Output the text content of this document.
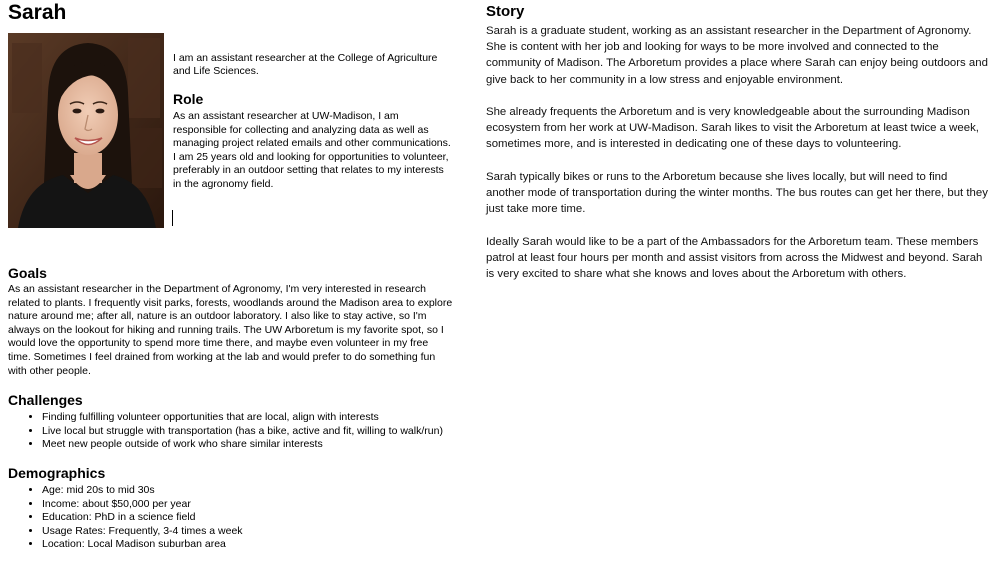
Sarah

I am an assistant researcher at the College of Agriculture and Life Sciences.

Role

As an assistant researcher at UW-Madison, I am responsible for collecting and analyzing data as well as managing project related emails and other communications. I am 25 years old and looking for opportunities to volunteer, preferably in an outdoor setting that relates to my interests in the agronomy field.

Goals

As an assistant researcher in the Department of Agronomy, I'm very interested in research related to plants. I frequently visit parks, forests, woodlands around the Madison area to explore nature around me; after all, nature is an outdoor laboratory. I also like to stay active, so I'm always on the lookout for hiking and running trails. The UW Arboretum is my favorite spot, so I would love the opportunity to spend more time there, and maybe even volunteer in my free time. Sometimes I feel drained from working at the lab and would prefer to do something fun with other people.

Challenges
• Finding fulfilling volunteer opportunities that are local, align with interests
• Live local but struggle with transportation (has a bike, active and fit, willing to walk/run)
• Meet new people outside of work who share similar interests
Demographics
• Age: mid 20s to mid 30s
• Income: about $50,000 per year
• Education: PhD in a science field
• Usage Rates: Frequently, 3-4 times a week
• Location: Local Madison suburban area
Story

Sarah is a graduate student, working as an assistant researcher in the Department of Agronomy. She is content with her job and looking for ways to be more involved and connected to the community of Madison. The Arboretum provides a place where Sarah can enjoy being outdoors and give back to her community in a low stress and enjoyable environment.

She already frequents the Arboretum and is very knowledgeable about the surrounding Madison ecosystem from her work at UW-Madison. Sarah likes to visit the Arboretum at least twice a week, sometimes more, and is interested in dedicating one of these days to volunteering.

Sarah typically bikes or runs to the Arboretum because she lives locally, but will need to find another mode of transportation during the winter months. The bus routes can get her there, but they just take more time.

Ideally Sarah would like to be a part of the Ambassadors for the Arboretum team. These members patrol at least four hours per month and assist visitors from across the Midwest and beyond. Sarah is very excited to share what she knows and loves about the Arboretum with others.
